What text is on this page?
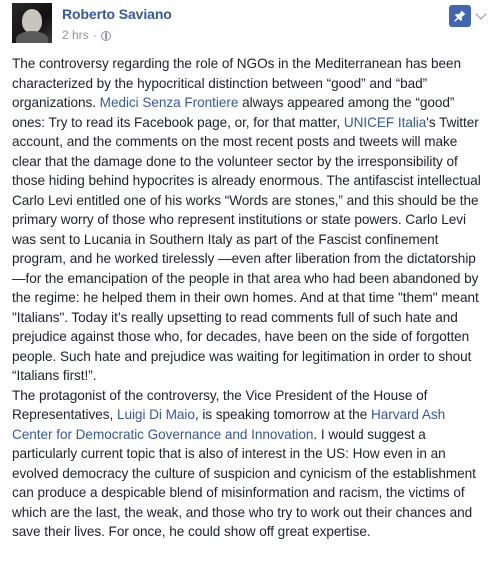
Roberto Saviano
2 hrs ·

The controversy regarding the role of NGOs in the Mediterranean has been characterized by the hypocritical distinction between “good” and “bad” organizations. Medici Senza Frontiere always appeared among the “good” ones: Try to read its Facebook page, or, for that matter, UNICEF Italia's Twitter account, and the comments on the most recent posts and tweets will make clear that the damage done to the volunteer sector by the irresponsibility of those hiding behind hypocrites is already enormous. The antifascist intellectual Carlo Levi entitled one of his works “Words are stones,” and this should be the primary worry of those who represent institutions or state powers. Carlo Levi was sent to Lucania in Southern Italy as part of the Fascist confinement program, and he worked tirelessly —even after liberation from the dictatorship—for the emancipation of the people in that area who had been abandoned by the regime: he helped them in their own homes. And at that time "them" meant "Italians". Today it’s really upsetting to read comments full of such hate and prejudice against those who, for decades, have been on the side of forgotten people. Such hate and prejudice was waiting for legitimation in order to shout “Italians first!”.

The protagonist of the controversy, the Vice President of the House of Representatives, Luigi Di Maio, is speaking tomorrow at the Harvard Ash Center for Democratic Governance and Innovation. I would suggest a particularly current topic that is also of interest in the US: How even in an evolved democracy the culture of suspicion and cynicism of the establishment can produce a despicable blend of misinformation and racism, the victims of which are the last, the weak, and those who try to work out their chances and save their lives. For once, he could show off great expertise.
